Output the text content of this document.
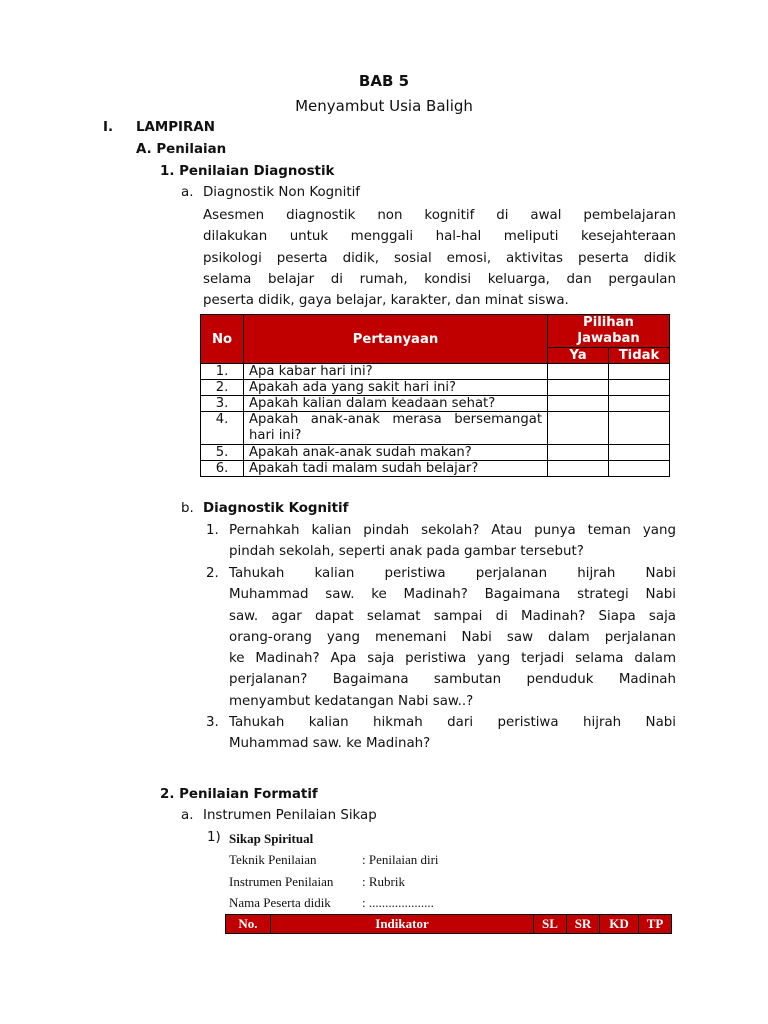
BAB 5
Menyambut Usia Baligh
I. LAMPIRAN
A. Penilaian
1. Penilaian Diagnostik
a. Diagnostik Non Kognitif
Asesmen diagnostik non kognitif di awal pembelajaran
dilakukan untuk menggali hal-hal meliputi kesejahteraan
psikologi peserta didik, sosial emosi, aktivitas peserta didik
selama belajar di rumah, kondisi keluarga, dan pergaulan
peserta didik, gaya belajar, karakter, dan minat siswa.
No	Pertanyaan	Pilihan Jawaban	
		Ya	Tidak
1.	Apa kabar hari ini?		
2.	Apakah ada yang sakit hari ini?		
3.	Apakah kalian dalam keadaan sehat?		
4.	Apakah anak-anak merasa bersemangat hari ini?		
5.	Apakah anak-anak sudah makan?		
6.	Apakah tadi malam sudah belajar?		
b. Diagnostik Kognitif
1. Pernahkah kalian pindah sekolah? Atau punya teman yang
pindah sekolah, seperti anak pada gambar tersebut?
2. Tahukah kalian peristiwa perjalanan hijrah Nabi
Muhammad saw. ke Madinah? Bagaimana strategi Nabi
saw. agar dapat selamat sampai di Madinah? Siapa saja
orang-orang yang menemani Nabi saw dalam perjalanan
ke Madinah? Apa saja peristiwa yang terjadi selama dalam
perjalanan? Bagaimana sambutan penduduk Madinah
menyambut kedatangan Nabi saw..?
3. Tahukah kalian hikmah dari peristiwa hijrah Nabi
Muhammad saw. ke Madinah?
2. Penilaian Formatif
a. Instrumen Penilaian Sikap
1) Sikap Spiritual
Teknik Penilaian	: Penilaian diri
Instrumen Penilaian : Rubrik
Nama Peserta didik : ....................
No.	Indikator	SL	SR	KD	TP
